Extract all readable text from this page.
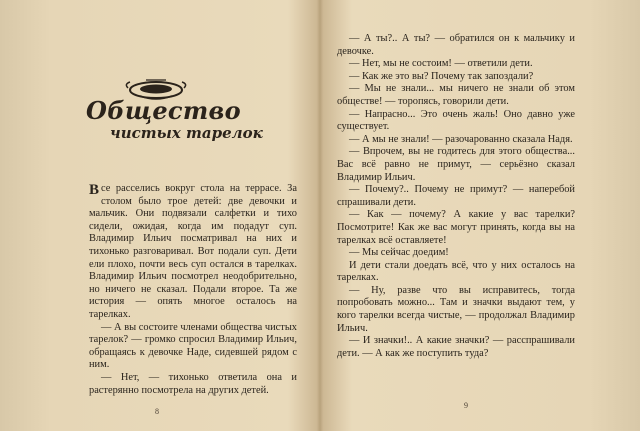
Общество
чистых тарелок

В се расселись вокруг стола на террасе. За столом было трое детей: две девочки и мальчик. Они подвязали салфетки и тихо сидели, ожидая, когда им подадут суп. Владимир Ильич посматривал на них и тихонько разговаривал. Вот подали суп. Дети ели плохо, почти весь суп остался в тарелках. Владимир Ильич посмотрел неодобрительно, но ничего не сказал. Подали второе. Та же история — опять многое осталось на тарелках.

— А вы состоите членами общества чистых тарелок? — громко спросил Владимир Ильич, обращаясь к девочке Наде, сидевшей рядом с ним.

— Нет, — тихонько ответила она и растерянно посмотрела на других детей.

8

— А ты?.. А ты? — обратился он к мальчику и девочке.

— Нет, мы не состоим! — ответили дети.

— Как же это вы? Почему так запоздали?

— Мы не знали... мы ничего не знали об этом обществе! — торопясь, говорили дети.

— Напрасно... Это очень жаль! Оно давно уже существует.

— А мы не знали! — разочарованно сказала Надя.

— Впрочем, вы не годитесь для этого общества... Вас всё равно не примут, — серьёзно сказал Владимир Ильич.

— Почему?.. Почему не примут? — наперебой спрашивали дети.

— Как — почему? А какие у вас тарелки? Посмотрите! Как же вас могут принять, когда вы на тарелках всё оставляете!

— Мы сейчас доедим!

И дети стали доедать всё, что у них осталось на тарелках.

— Ну, разве что вы исправитесь, тогда попробовать можно... Там и значки выдают тем, у кого тарелки всегда чистые, — продолжал Владимир Ильич.

— И значки!.. А какие значки? — расспрашивали дети. — А как же поступить туда?

9
